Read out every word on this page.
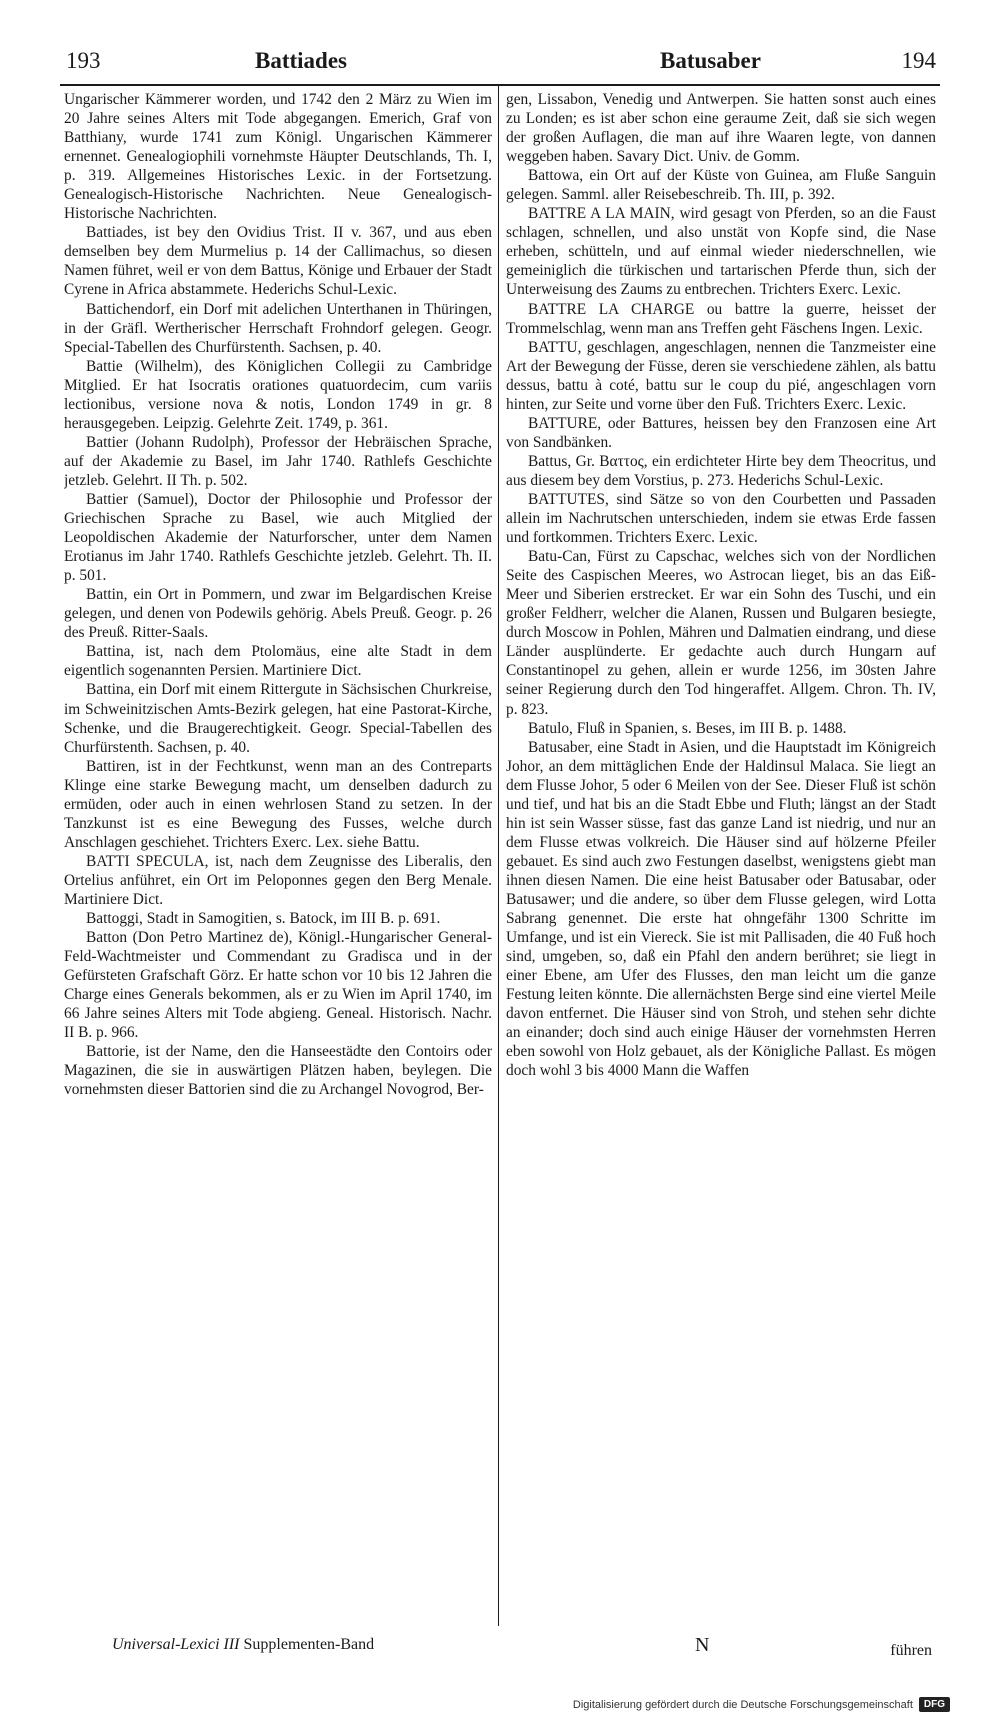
193	Battiades	Batusaber	194

Ungarischer Kämmerer worden, und 1742 den 2 März zu Wien im 20 Jahre seines Alters mit Tode abgegangen. Emerich, Graf von Batthiany, wurde 1741 zum Königl. Ungarischen Kämmerer ernennet. Genealogiophili vornehmste Häupter Deutschlands, Th. I, p. 319. Allgemeines Historisches Lexic. in der Fortsetzung. Genealogisch-Historische Nachrichten. Neue Genealogisch-Historische Nachrichten.

Battiades, ist bey den Ovidius Trist. II v. 367, und aus eben demselben bey dem Murmelius p. 14 der Callimachus, so diesen Namen führet, weil er von dem Battus, Könige und Erbauer der Stadt Cyrene in Africa abstammete. Hederichs Schul-Lexic.

Battichendorf, ein Dorf mit adelichen Unterthanen in Thüringen, in der Gräfl. Wertherischer Herrschaft Frohndorf gelegen. Geogr. Special-Tabellen des Churfürstenth. Sachsen, p. 40.

Battie (Wilhelm), des Königlichen Collegii zu Cambridge Mitglied. Er hat Isocratis orationes quatuordecim, cum variis lectionibus, versione nova & notis, London 1749 in gr. 8 herausgegeben. Leipzig. Gelehrte Zeit. 1749, p. 361.

Battier (Johann Rudolph), Professor der Hebräischen Sprache, auf der Akademie zu Basel, im Jahr 1740. Rathlefs Geschichte jetzleb. Gelehrt. II Th. p. 502.

Battier (Samuel), Doctor der Philosophie und Professor der Griechischen Sprache zu Basel, wie auch Mitglied der Leopoldischen Akademie der Naturforscher, unter dem Namen Erotianus im Jahr 1740. Rathlefs Geschichte jetzleb. Gelehrt. Th. II. p. 501.

Battin, ein Ort in Pommern, und zwar im Belgardischen Kreise gelegen, und denen von Podewils gehörig. Abels Preuß. Geogr. p. 26 des Preuß. Ritter-Saals.

Battina, ist, nach dem Ptolomäus, eine alte Stadt in dem eigentlich sogenannten Persien. Martiniere Dict.

Battina, ein Dorf mit einem Rittergute in Sächsischen Churkreise, im Schweinitzischen Amts-Bezirk gelegen, hat eine Pastorat-Kirche, Schenke, und die Braugerechtigkeit. Geogr. Special-Tabellen des Churfürstenth. Sachsen, p. 40.

Battiren, ist in der Fechtkunst, wenn man an des Contreparts Klinge eine starke Bewegung macht, um denselben dadurch zu ermüden, oder auch in einen wehrlosen Stand zu setzen. In der Tanzkunst ist es eine Bewegung des Fusses, welche durch Anschlagen geschiehet. Trichters Exerc. Lex. siehe Battu.

BATTI SPECULA, ist, nach dem Zeugnisse des Liberalis, den Ortelius anführet, ein Ort im Peloponnes gegen den Berg Menale. Martiniere Dict.

Battoggi, Stadt in Samogitien, s. Batock, im III B. p. 691.

Batton (Don Petro Martinez de), Königl.-Hungarischer General-Feld-Wachtmeister und Commendant zu Gradisca und in der Gefürsteten Grafschaft Görz. Er hatte schon vor 10 bis 12 Jahren die Charge eines Generals bekommen, als er zu Wien im April 1740, im 66 Jahre seines Alters mit Tode abgieng. Geneal. Historisch. Nachr. II B. p. 966.

Battorie, ist der Name, den die Hanseestädte den Contoirs oder Magazinen, die sie in auswärtigen Plätzen haben, beylegen. Die vornehmsten dieser Battorien sind die zu Archangel Novogrod, Ber-

gen, Lissabon, Venedig und Antwerpen. Sie hatten sonst auch eines zu Londen; es ist aber schon eine geraume Zeit, daß sie sich wegen der großen Auflagen, die man auf ihre Waaren legte, von dannen weggeben haben. Savary Dict. Univ. de Gomm.

Battowa, ein Ort auf der Küste von Guinea, am Fluße Sanguin gelegen. Samml. aller Reisebeschreib. Th. III, p. 392.

BATTRE A LA MAIN, wird gesagt von Pferden, so an die Faust schlagen, schnellen, und also unstät von Kopfe sind, die Nase erheben, schütteln, und auf einmal wieder niederschnellen, wie gemeiniglich die türkischen und tartarischen Pferde thun, sich der Unterweisung des Zaums zu entbrechen. Trichters Exerc. Lexic.

BATTRE LA CHARGE ou battre la guerre, heisset der Trommelschlag, wenn man ans Treffen geht Fäschens Ingen. Lexic.

BATTU, geschlagen, angeschlagen, nennen die Tanzmeister eine Art der Bewegung der Füsse, deren sie verschiedene zählen, als battu dessus, battu à coté, battu sur le coup du pié, angeschlagen vorn hinten, zur Seite und vorne über den Fuß. Trichters Exerc. Lexic.

BATTURE, oder Battures, heissen bey den Franzosen eine Art von Sandbänken.

Battus, Gr. Βαττος, ein erdichteter Hirte bey dem Theocritus, und aus diesem bey dem Vorstius, p. 273. Hederichs Schul-Lexic.

BATTUTES, sind Sätze so von den Courbetten und Passaden allein im Nachrutschen unterschieden, indem sie etwas Erde fassen und fortkommen. Trichters Exerc. Lexic.

Batu-Can, Fürst zu Capschac, welches sich von der Nordlichen Seite des Caspischen Meeres, wo Astrocan lieget, bis an das Eiß-Meer und Siberien erstrecket. Er war ein Sohn des Tuschi, und ein großer Feldherr, welcher die Alanen, Russen und Bulgaren besiegte, durch Moscow in Pohlen, Mähren und Dalmatien eindrang, und diese Länder ausplünderte. Er gedachte auch durch Hungarn auf Constantinopel zu gehen, allein er wurde 1256, im 30sten Jahre seiner Regierung durch den Tod hingeraffet. Allgem. Chron. Th. IV, p. 823.

Batulo, Fluß in Spanien, s. Beses, im III B. p. 1488.

Batusaber, eine Stadt in Asien, und die Hauptstadt im Königreich Johor, an dem mittäglichen Ende der Haldinsul Malaca. Sie liegt an dem Flusse Johor, 5 oder 6 Meilen von der See. Dieser Fluß ist schön und tief, und hat bis an die Stadt Ebbe und Fluth; längst an der Stadt hin ist sein Wasser süsse, fast das ganze Land ist niedrig, und nur an dem Flusse etwas volkreich. Die Häuser sind auf hölzerne Pfeiler gebauet. Es sind auch zwo Festungen daselbst, wenigstens giebt man ihnen diesen Namen. Die eine heist Batusaber oder Batusabar, oder Batusawer; und die andere, so über dem Flusse gelegen, wird Lotta Sabrang genennet. Die erste hat ohngefähr 1300 Schritte im Umfange, und ist ein Viereck. Sie ist mit Pallisaden, die 40 Fuß hoch sind, umgeben, so, daß ein Pfahl den andern berühret; sie liegt in einer Ebene, am Ufer des Flusses, den man leicht um die ganze Festung leiten könnte. Die allernächsten Berge sind eine viertel Meile davon entfernet. Die Häuser sind von Stroh, und stehen sehr dichte an einander; doch sind auch einige Häuser der vornehmsten Herren eben sowohl von Holz gebauet, als der Königliche Pallast. Es mögen doch wohl 3 bis 4000 Mann die Waffen

Universal-Lexici III Supplementen-Band	N	führen
Digitalisierung gefördert durch die Deutsche Forschungsgemeinschaft	DFG
